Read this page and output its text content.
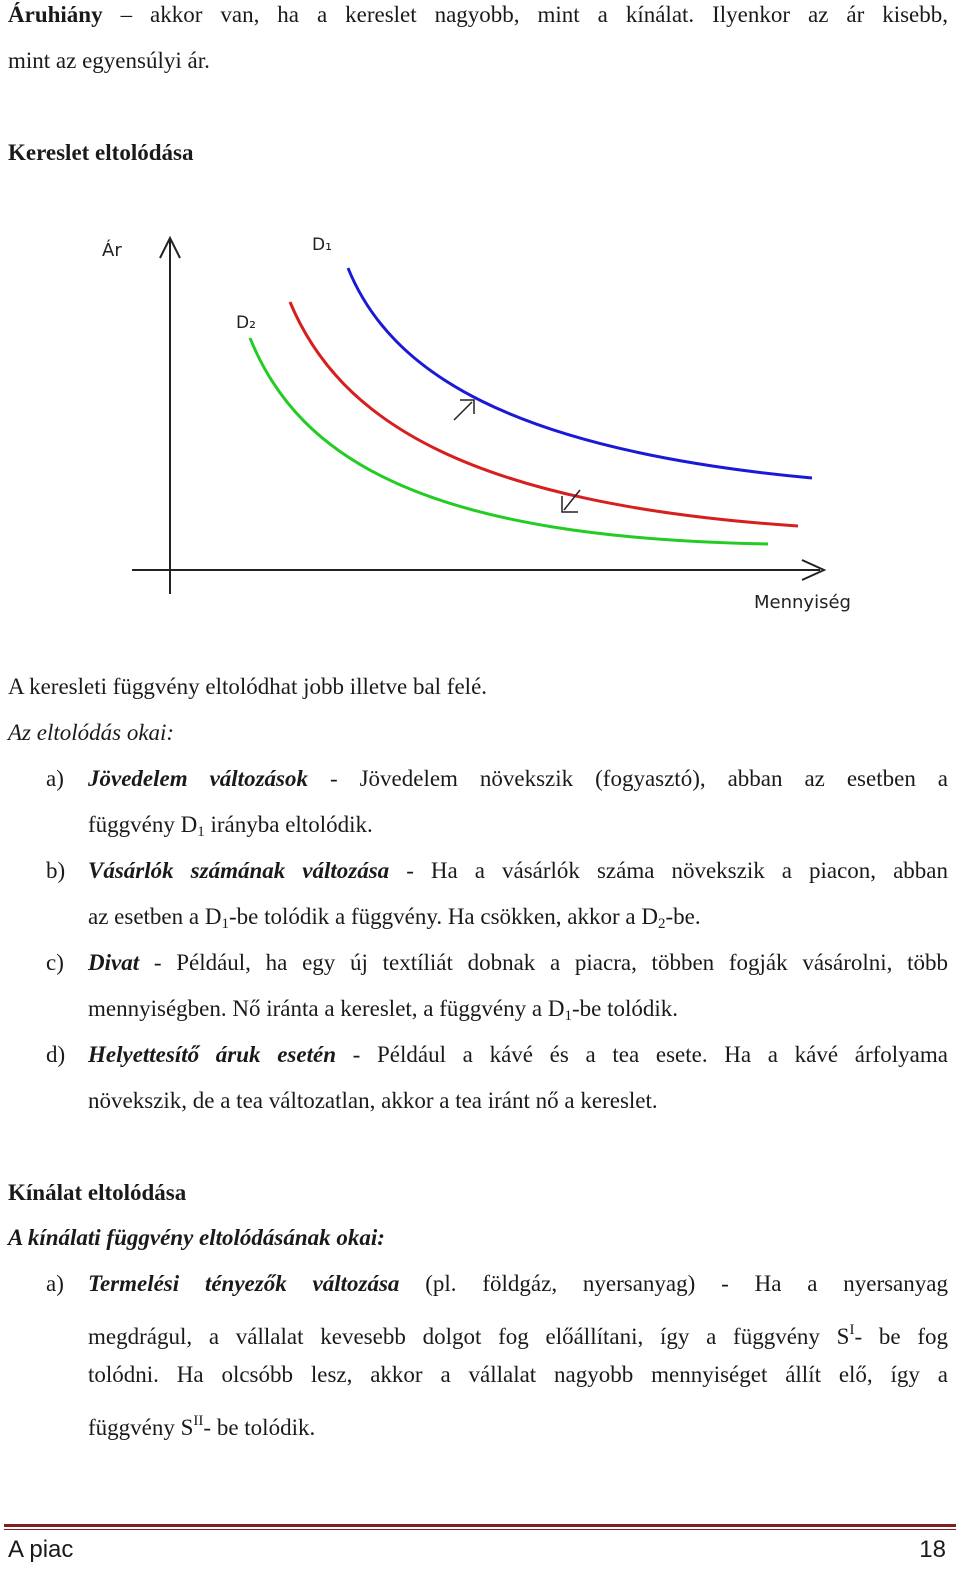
Áruhiány – akkor van, ha a kereslet nagyobb, mint a kínálat. Ilyenkor az ár kisebb,
mint az egyensúlyi ár.
Kereslet eltolódása
Ár
Mennyiség
D₁
D₂
A keresleti függvény eltolódhat jobb illetve bal felé.
Az eltolódás okai:
a) Jövedelem változások - Jövedelem növekszik (fogyasztó), abban az esetben a
függvény $D_1$ irányba eltolódik.
b) Vásárlók számának változása - Ha a vásárlók száma növekszik a piacon, abban
az esetben a $D_1-be$ tolódik a függvény. Ha csökken, akkor a $D_2-be$.
c) Divat - Például, ha egy új textíliát dobnak a piacra, többen fogják vásárolni, több
mennyiségben. Nő iránta a kereslet, a függvény a $D_1-be$ tolódik.
d) Helyettesítő áruk esetén - Például a kávé és a tea esete. Ha a kávé árfolyama
növekszik, de a tea változatlan, akkor a tea iránt nő a kereslet.
Kínálat eltolódása
A kínálati függvény eltolódásának okai:
a) Termelési tényezők változása (pl. földgáz, nyersanyag) - Ha a nyersanyag
megdrágul, a vállalat kevesebb dolgot fog előállítani, így a függvény $S^I-$ be fog
tolódni. Ha olcsóbb lesz, akkor a vállalat nagyobb mennyiséget állít elő, így a
függvény $S^{II}-$ be tolódik.
A piac	18
